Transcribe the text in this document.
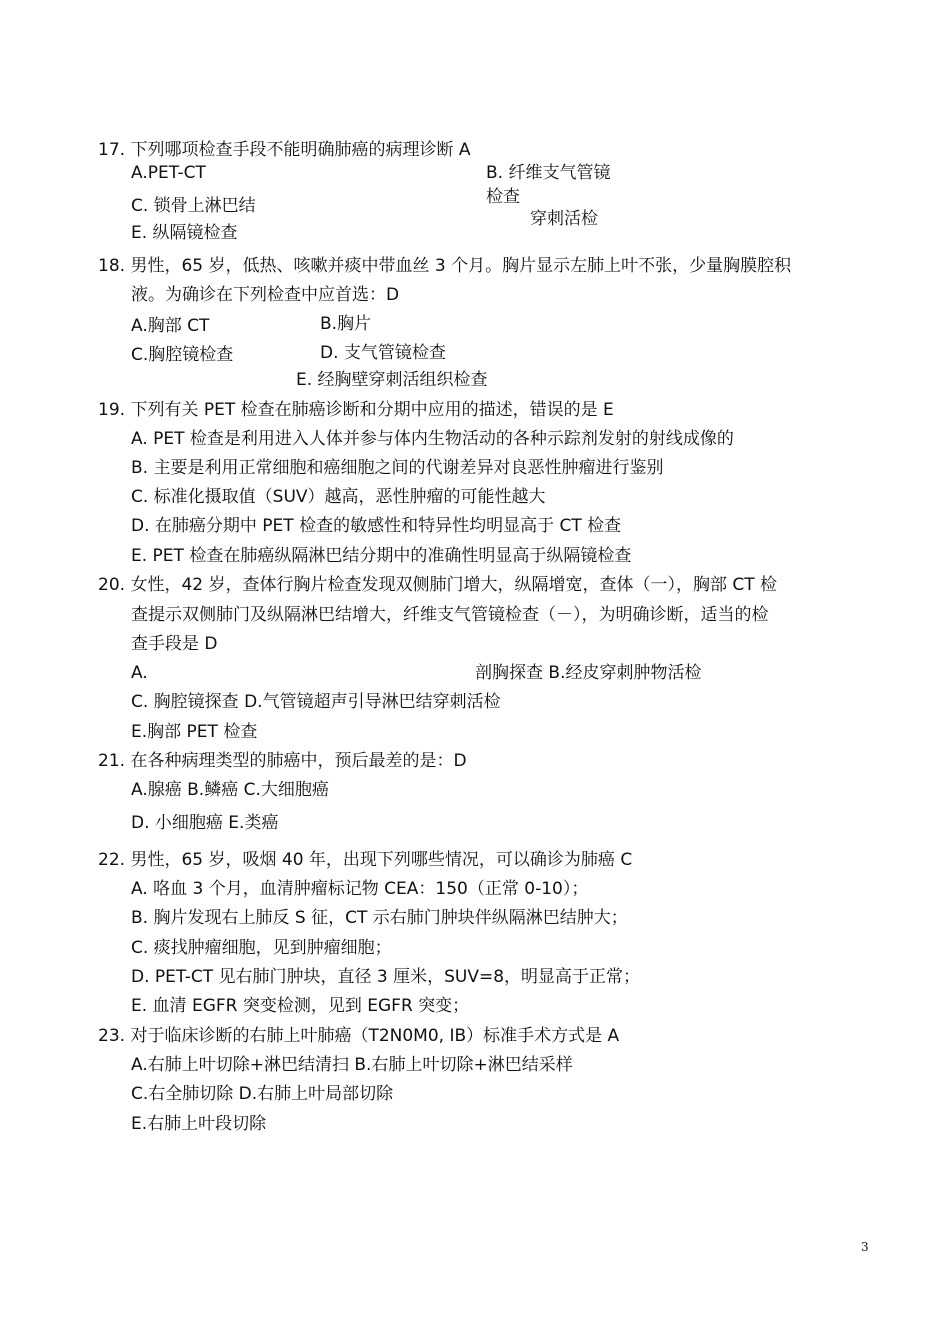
17. 下列哪项检查手段不能明确肺癌的病理诊断 A
A.PET-CT	B. 纤维支气管镜
检查
C. 锁骨上淋巴结
穿刺活检
E. 纵隔镜检查
18. 男性，65 岁，低热、咳嗽并痰中带血丝 3 个月。胸片显示左肺上叶不张，少量胸膜腔积
液。为确诊在下列检查中应首选：D
A.胸部 CT	B.胸片
C.胸腔镜检查	D. 支气管镜检查
E. 经胸壁穿刺活组织检查
19. 下列有关 PET 检查在肺癌诊断和分期中应用的描述，错误的是 E
A. PET 检查是利用进入人体并参与体内生物活动的各种示踪剂发射的射线成像的
B. 主要是利用正常细胞和癌细胞之间的代谢差异对良恶性肿瘤进行鉴别
C. 标准化摄取值（SUV）越高，恶性肿瘤的可能性越大
D. 在肺癌分期中 PET 检查的敏感性和特异性均明显高于 CT 检查
E. PET 检查在肺癌纵隔淋巴结分期中的准确性明显高于纵隔镜检查
20. 女性，42 岁，查体行胸片检查发现双侧肺门增大，纵隔增宽，查体（一），胸部 CT 检
查提示双侧肺门及纵隔淋巴结增大，纤维支气管镜检查（－），为明确诊断，适当的检
查手段是 D
A.	剖胸探查 B.经皮穿刺肿物活检
C. 胸腔镜探查 D.气管镜超声引导淋巴结穿刺活检
E.胸部 PET 检查
21. 在各种病理类型的肺癌中，预后最差的是：D
A.腺癌 B.鳞癌 C.大细胞癌
D. 小细胞癌 E.类癌
22. 男性，65 岁，吸烟 40 年，出现下列哪些情况，可以确诊为肺癌 C
A. 咯血 3 个月，血清肿瘤标记物 CEA：150（正常 0-10）；
B. 胸片发现右上肺反 S 征，CT 示右肺门肿块伴纵隔淋巴结肿大；
C. 痰找肿瘤细胞，见到肿瘤细胞；
D. PET-CT 见右肺门肿块，直径 3 厘米，SUV=8，明显高于正常；
E. 血清 EGFR 突变检测，见到 EGFR 突变；
23. 对于临床诊断的右肺上叶肺癌（T2N0M0, IB）标准手术方式是 A
A.右肺上叶切除+淋巴结清扫 B.右肺上叶切除+淋巴结采样
C.右全肺切除 D.右肺上叶局部切除
E.右肺上叶段切除
3
